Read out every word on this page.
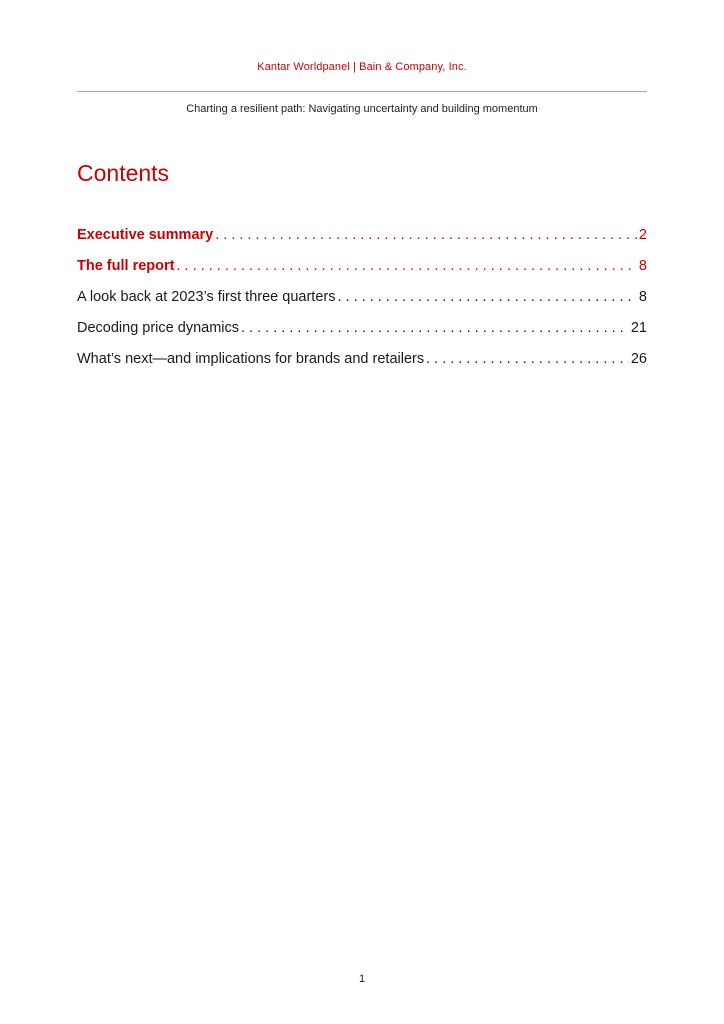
Kantar Worldpanel | Bain & Company, Inc.
Charting a resilient path: Navigating uncertainty and building momentum
Contents
Executive summary . . .	2
The full report . . .	8
A look back at 2023’s first three quarters . . .	8
Decoding price dynamics . . .	21
What’s next—and implications for brands and retailers . . .	26
1
